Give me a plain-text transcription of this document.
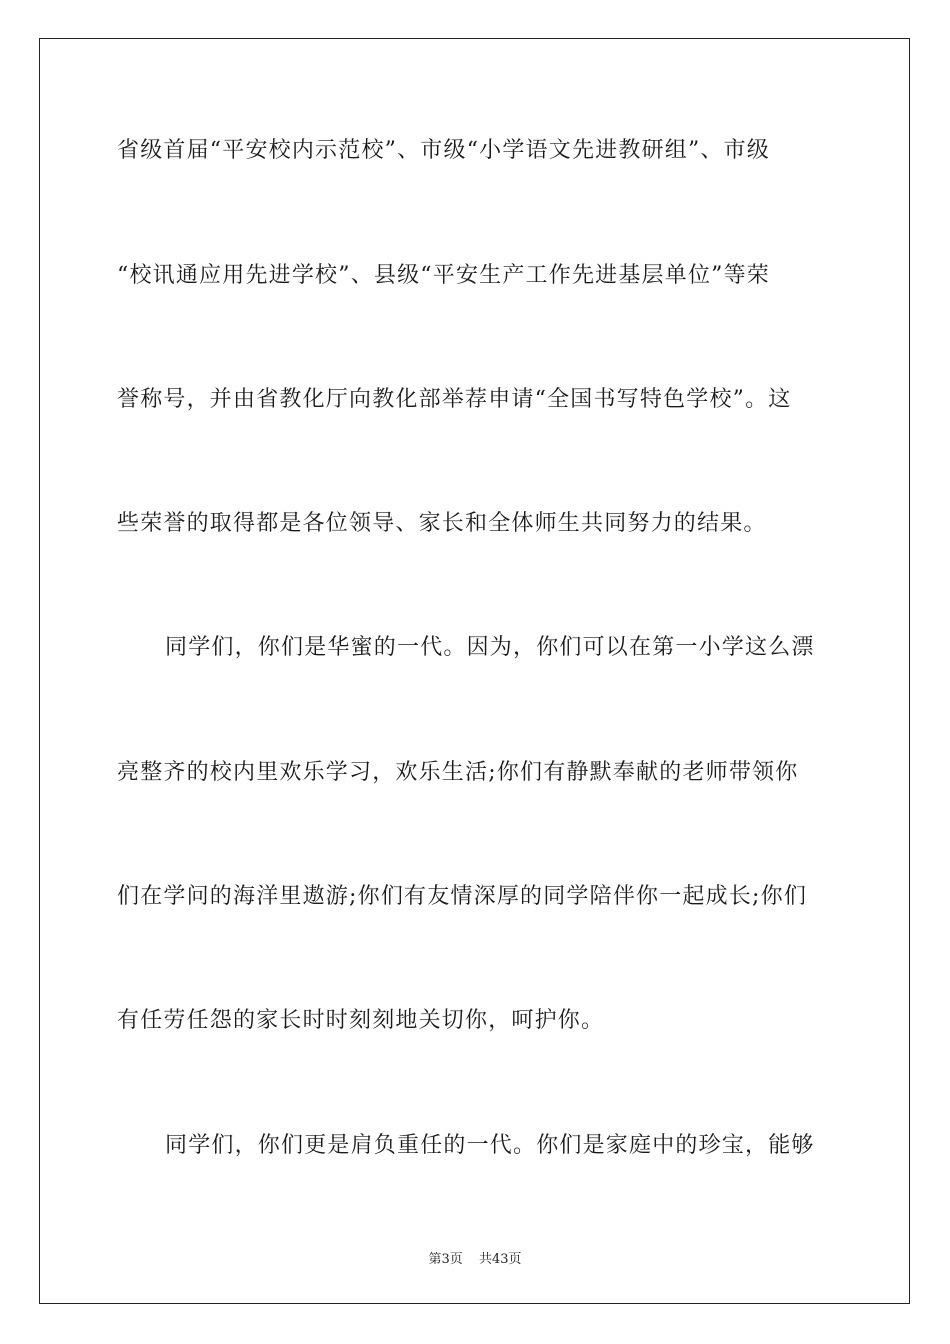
省级首届“平安校内示范校”、市级“小学语文先进教研组”、市级
“校讯通应用先进学校”、县级“平安生产工作先进基层单位”等荣
誉称号，并由省教化厅向教化部举荐申请“全国书写特色学校”。这
些荣誉的取得都是各位领导、家长和全体师生共同努力的结果。
同学们，你们是华蜜的一代。因为，你们可以在第一小学这么漂
亮整齐的校内里欢乐学习，欢乐生活;你们有静默奉献的老师带领你
们在学问的海洋里遨游;你们有友情深厚的同学陪伴你一起成长;你们
有任劳任怨的家长时时刻刻地关切你，呵护你。
同学们，你们更是肩负重任的一代。你们是家庭中的珍宝，能够
第3页 共43页
